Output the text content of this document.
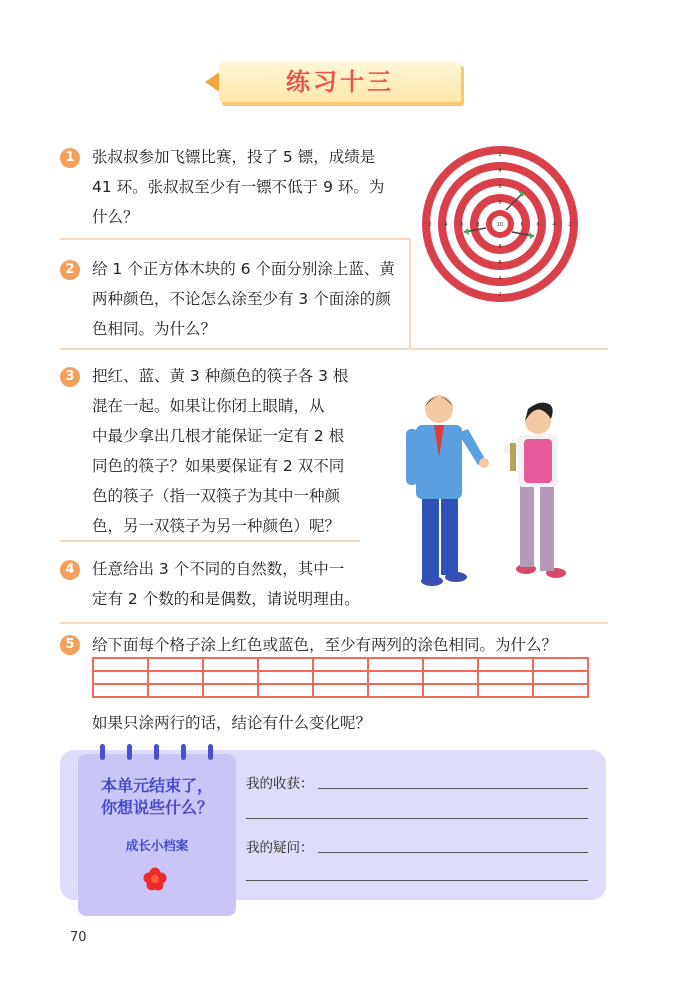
练习十三
1	张叔叔参加飞镖比赛，投了 5 镖，成绩是
41 环。张叔叔至少有一镖不低于 9 环。为
什么？	10
8
6
4
2
8
6
4
2
8
6
4
2	8	6	4	2
2	给 1 个正方体木块的 6 个面分别涂上蓝、黄
两种颜色，不论怎么涂至少有 3 个面涂的颜
色相同。为什么？
3	把红、蓝、黄 3 种颜色的筷子各 3 根
混在一起。如果让你闭上眼睛，从
中最少拿出几根才能保证一定有 2 根
同色的筷子？如果要保证有 2 双不同
色的筷子（指一双筷子为其中一种颜
色，另一双筷子为另一种颜色）呢？
4	任意给出 3 个不同的自然数，其中一
定有 2 个数的和是偶数，请说明理由。
5	给下面每个格子涂上红色或蓝色，至少有两列的涂色相同。为什么？

如果只涂两行的话，结论有什么变化呢？
本单元结束了，
你想说些什么？
成长小档案
我的收获：
我的疑问：
70
